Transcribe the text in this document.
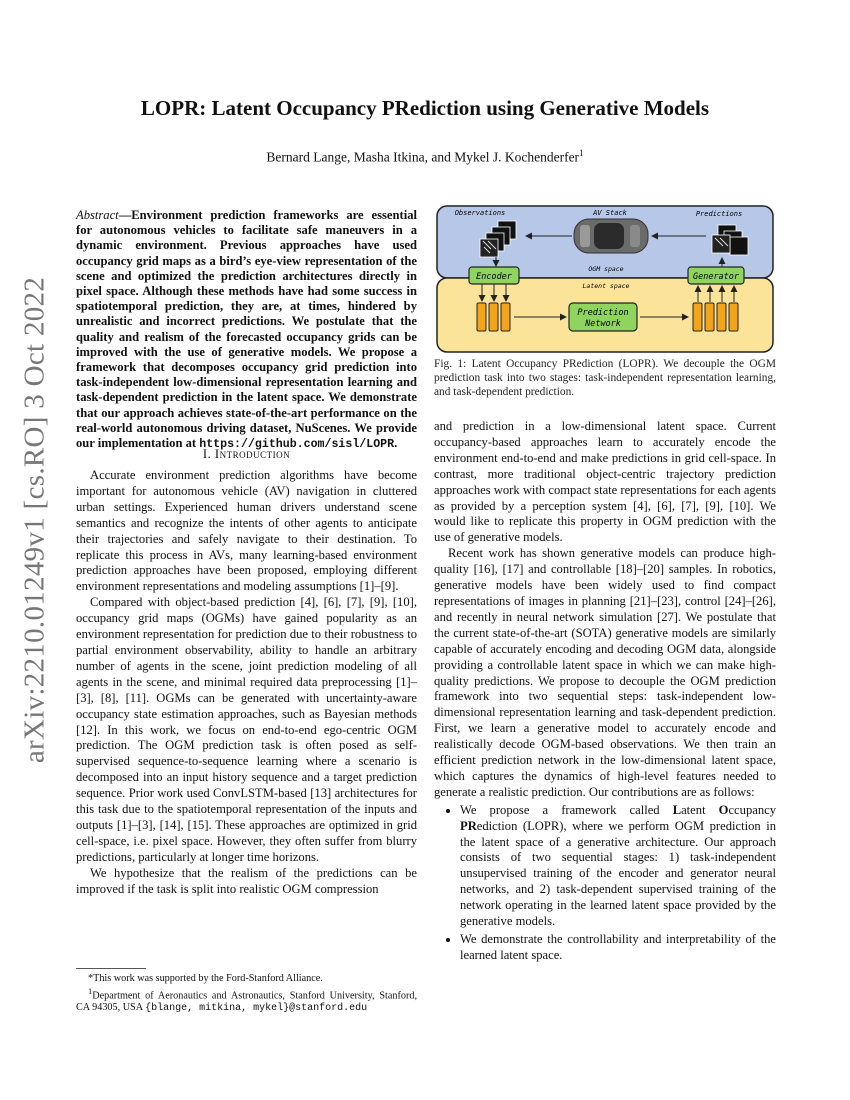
arXiv:2210.01249v1 [cs.RO] 3 Oct 2022
LOPR: Latent Occupancy PRediction using Generative Models
Bernard Lange, Masha Itkina, and Mykel J. Kochenderfer$^1$
Abstract—Environment prediction frameworks are essential for autonomous vehicles to facilitate safe maneuvers in a dynamic environment. Previous approaches have used occupancy grid maps as a bird’s eye-view representation of the scene and optimized the prediction architectures directly in pixel space. Although these methods have had some success in spatiotemporal prediction, they are, at times, hindered by unrealistic and incorrect predictions. We postulate that the quality and realism of the forecasted occupancy grids can be improved with the use of generative models. We propose a framework that decomposes occupancy grid prediction into task-independent low-dimensional representation learning and task-dependent prediction in the latent space. We demonstrate that our approach achieves state-of-the-art performance on the real-world autonomous driving dataset, NuScenes. We provide our implementation at https://github.com/sisl/LOPR.
I. Introduction

Accurate environment prediction algorithms have become important for autonomous vehicle (AV) navigation in cluttered urban settings. Experienced human drivers understand scene semantics and recognize the intents of other agents to anticipate their trajectories and safely navigate to their destination. To replicate this process in AVs, many learning-based environment prediction approaches have been proposed, employing different environment representations and modeling assumptions [1]–[9].

Compared with object-based prediction [4], [6], [7], [9], [10], occupancy grid maps (OGMs) have gained popularity as an environment representation for prediction due to their robustness to partial environment observability, ability to handle an arbitrary number of agents in the scene, joint prediction modeling of all agents in the scene, and minimal required data preprocessing [1]–[3], [8], [11]. OGMs can be generated with uncertainty-aware occupancy state estimation approaches, such as Bayesian methods [12]. In this work, we focus on end-to-end ego-centric OGM prediction. The OGM prediction task is often posed as self-supervised sequence-to-sequence learning where a scenario is decomposed into an input history sequence and a target prediction sequence. Prior work used ConvLSTM-based [13] architectures for this task due to the spatiotemporal representation of the inputs and outputs [1]–[3], [14], [15]. These approaches are optimized in grid cell-space, i.e. pixel space. However, they often suffer from blurry predictions, particularly at longer time horizons.

We hypothesize that the realism of the predictions can be improved if the task is split into realistic OGM compression

*This work was supported by the Ford-Stanford Alliance.

$^1$Department of Aeronautics and Astronautics, Stanford University, Stanford, CA 94305, USA {blange, mitkina, mykel}@stanford.edu

Observations	AV Stack	Predictions
OGM space
Latent space
Encoder	Generator
Prediction
Network
Fig. 1: Latent Occupancy PRediction (LOPR). We decouple the OGM prediction task into two stages: task-independent representation learning, and task-dependent prediction.

and prediction in a low-dimensional latent space. Current occupancy-based approaches learn to accurately encode the environment end-to-end and make predictions in grid cell-space. In contrast, more traditional object-centric trajectory prediction approaches work with compact state representations for each agents as provided by a perception system [4], [6], [7], [9], [10]. We would like to replicate this property in OGM prediction with the use of generative models.

Recent work has shown generative models can produce high-quality [16], [17] and controllable [18]–[20] samples. In robotics, generative models have been widely used to find compact representations of images in planning [21]–[23], control [24]–[26], and recently in neural network simulation [27]. We postulate that the current state-of-the-art (SOTA) generative models are similarly capable of accurately encoding and decoding OGM data, alongside providing a controllable latent space in which we can make high-quality predictions. We propose to decouple the OGM prediction framework into two sequential steps: task-independent low-dimensional representation learning and task-dependent prediction. First, we learn a generative model to accurately encode and realistically decode OGM-based observations. We then train an efficient prediction network in the low-dimensional latent space, which captures the dynamics of high-level features needed to generate a realistic prediction. Our contributions are as follows:

• We propose a framework called Latent Occupancy PRediction (LOPR), where we perform OGM prediction in the latent space of a generative architecture. Our approach consists of two sequential stages: 1) task-independent unsupervised training of the encoder and generator neural networks, and 2) task-dependent supervised training of the network operating in the learned latent space provided by the generative models.
• We demonstrate the controllability and interpretability of the learned latent space.
